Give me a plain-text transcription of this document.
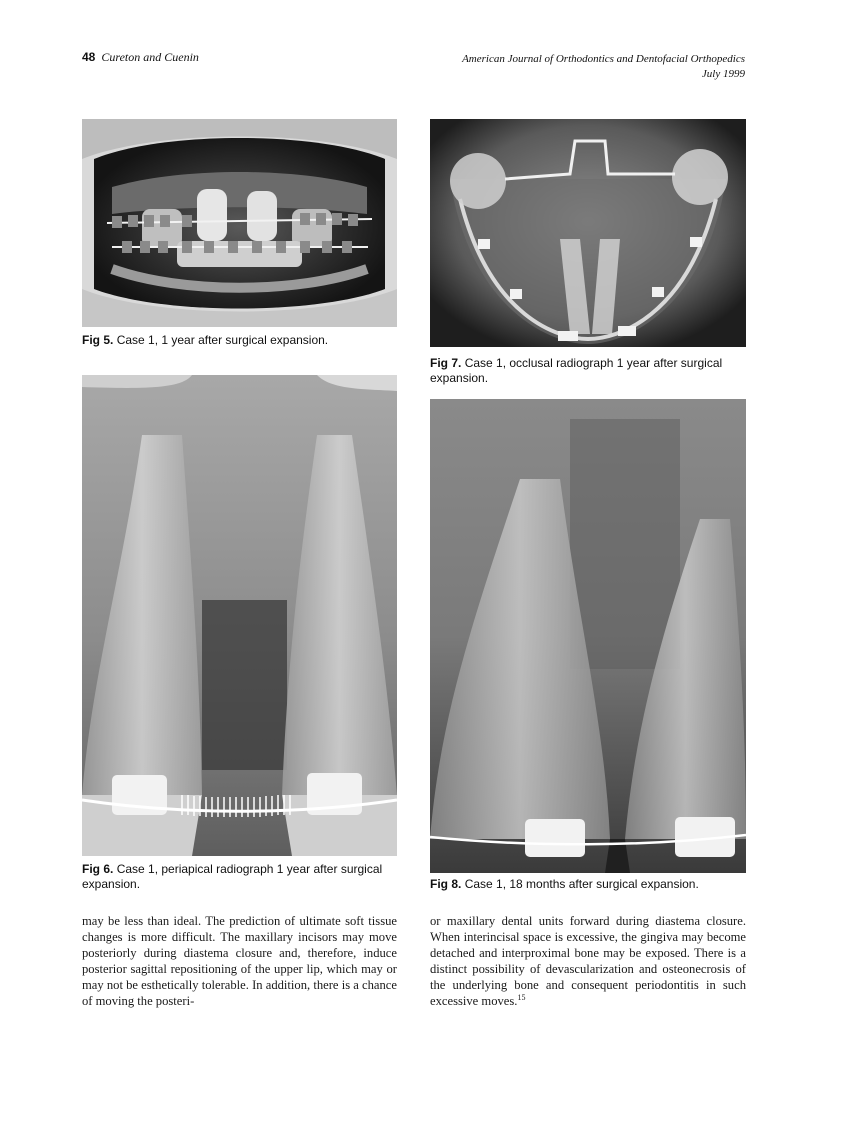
48 Cureton and Cuenin	American Journal of Orthodontics and Dentofacial Orthopedics
July 1999
Fig 5. Case 1, 1 year after surgical expansion.
Fig 6. Case 1, periapical radiograph 1 year after surgical expansion.
Fig 7. Case 1, occlusal radiograph 1 year after surgical expansion.
Fig 8. Case 1, 18 months after surgical expansion.
may be less than ideal. The prediction of ultimate soft tissue changes is more difficult. The maxillary incisors may move posteriorly during diastema closure and, therefore, induce posterior sagittal repositioning of the upper lip, which may or may not be esthetically tolerable. In addition, there is a chance of moving the posteri-
or maxillary dental units forward during diastema closure. When interincisal space is excessive, the gingiva may become detached and interproximal bone may be exposed. There is a distinct possibility of devascularization and osteonecrosis of the underlying bone and consequent periodontitis in such excessive moves.$^{15}$
